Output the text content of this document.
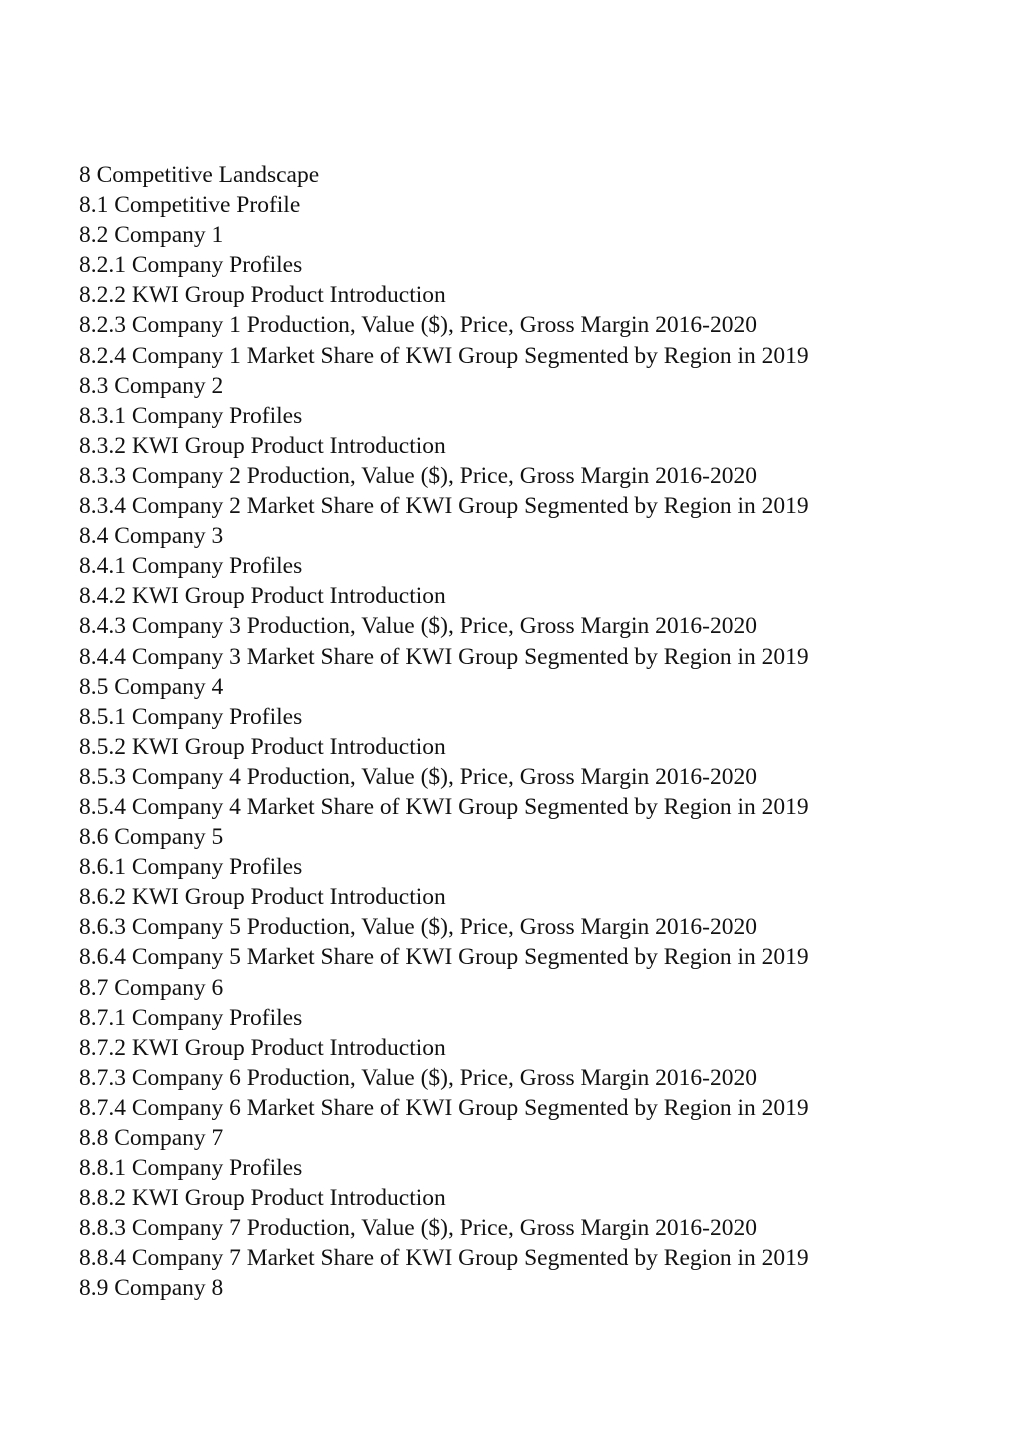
8 Competitive Landscape
8.1 Competitive Profile
8.2 Company 1
8.2.1 Company Profiles
8.2.2 KWI Group Product Introduction
8.2.3 Company 1 Production, Value ($), Price, Gross Margin 2016-2020
8.2.4 Company 1 Market Share of KWI Group Segmented by Region in 2019
8.3 Company 2
8.3.1 Company Profiles
8.3.2 KWI Group Product Introduction
8.3.3 Company 2 Production, Value ($), Price, Gross Margin 2016-2020
8.3.4 Company 2 Market Share of KWI Group Segmented by Region in 2019
8.4 Company 3
8.4.1 Company Profiles
8.4.2 KWI Group Product Introduction
8.4.3 Company 3 Production, Value ($), Price, Gross Margin 2016-2020
8.4.4 Company 3 Market Share of KWI Group Segmented by Region in 2019
8.5 Company 4
8.5.1 Company Profiles
8.5.2 KWI Group Product Introduction
8.5.3 Company 4 Production, Value ($), Price, Gross Margin 2016-2020
8.5.4 Company 4 Market Share of KWI Group Segmented by Region in 2019
8.6 Company 5
8.6.1 Company Profiles
8.6.2 KWI Group Product Introduction
8.6.3 Company 5 Production, Value ($), Price, Gross Margin 2016-2020
8.6.4 Company 5 Market Share of KWI Group Segmented by Region in 2019
8.7 Company 6
8.7.1 Company Profiles
8.7.2 KWI Group Product Introduction
8.7.3 Company 6 Production, Value ($), Price, Gross Margin 2016-2020
8.7.4 Company 6 Market Share of KWI Group Segmented by Region in 2019
8.8 Company 7
8.8.1 Company Profiles
8.8.2 KWI Group Product Introduction
8.8.3 Company 7 Production, Value ($), Price, Gross Margin 2016-2020
8.8.4 Company 7 Market Share of KWI Group Segmented by Region in 2019
8.9 Company 8
